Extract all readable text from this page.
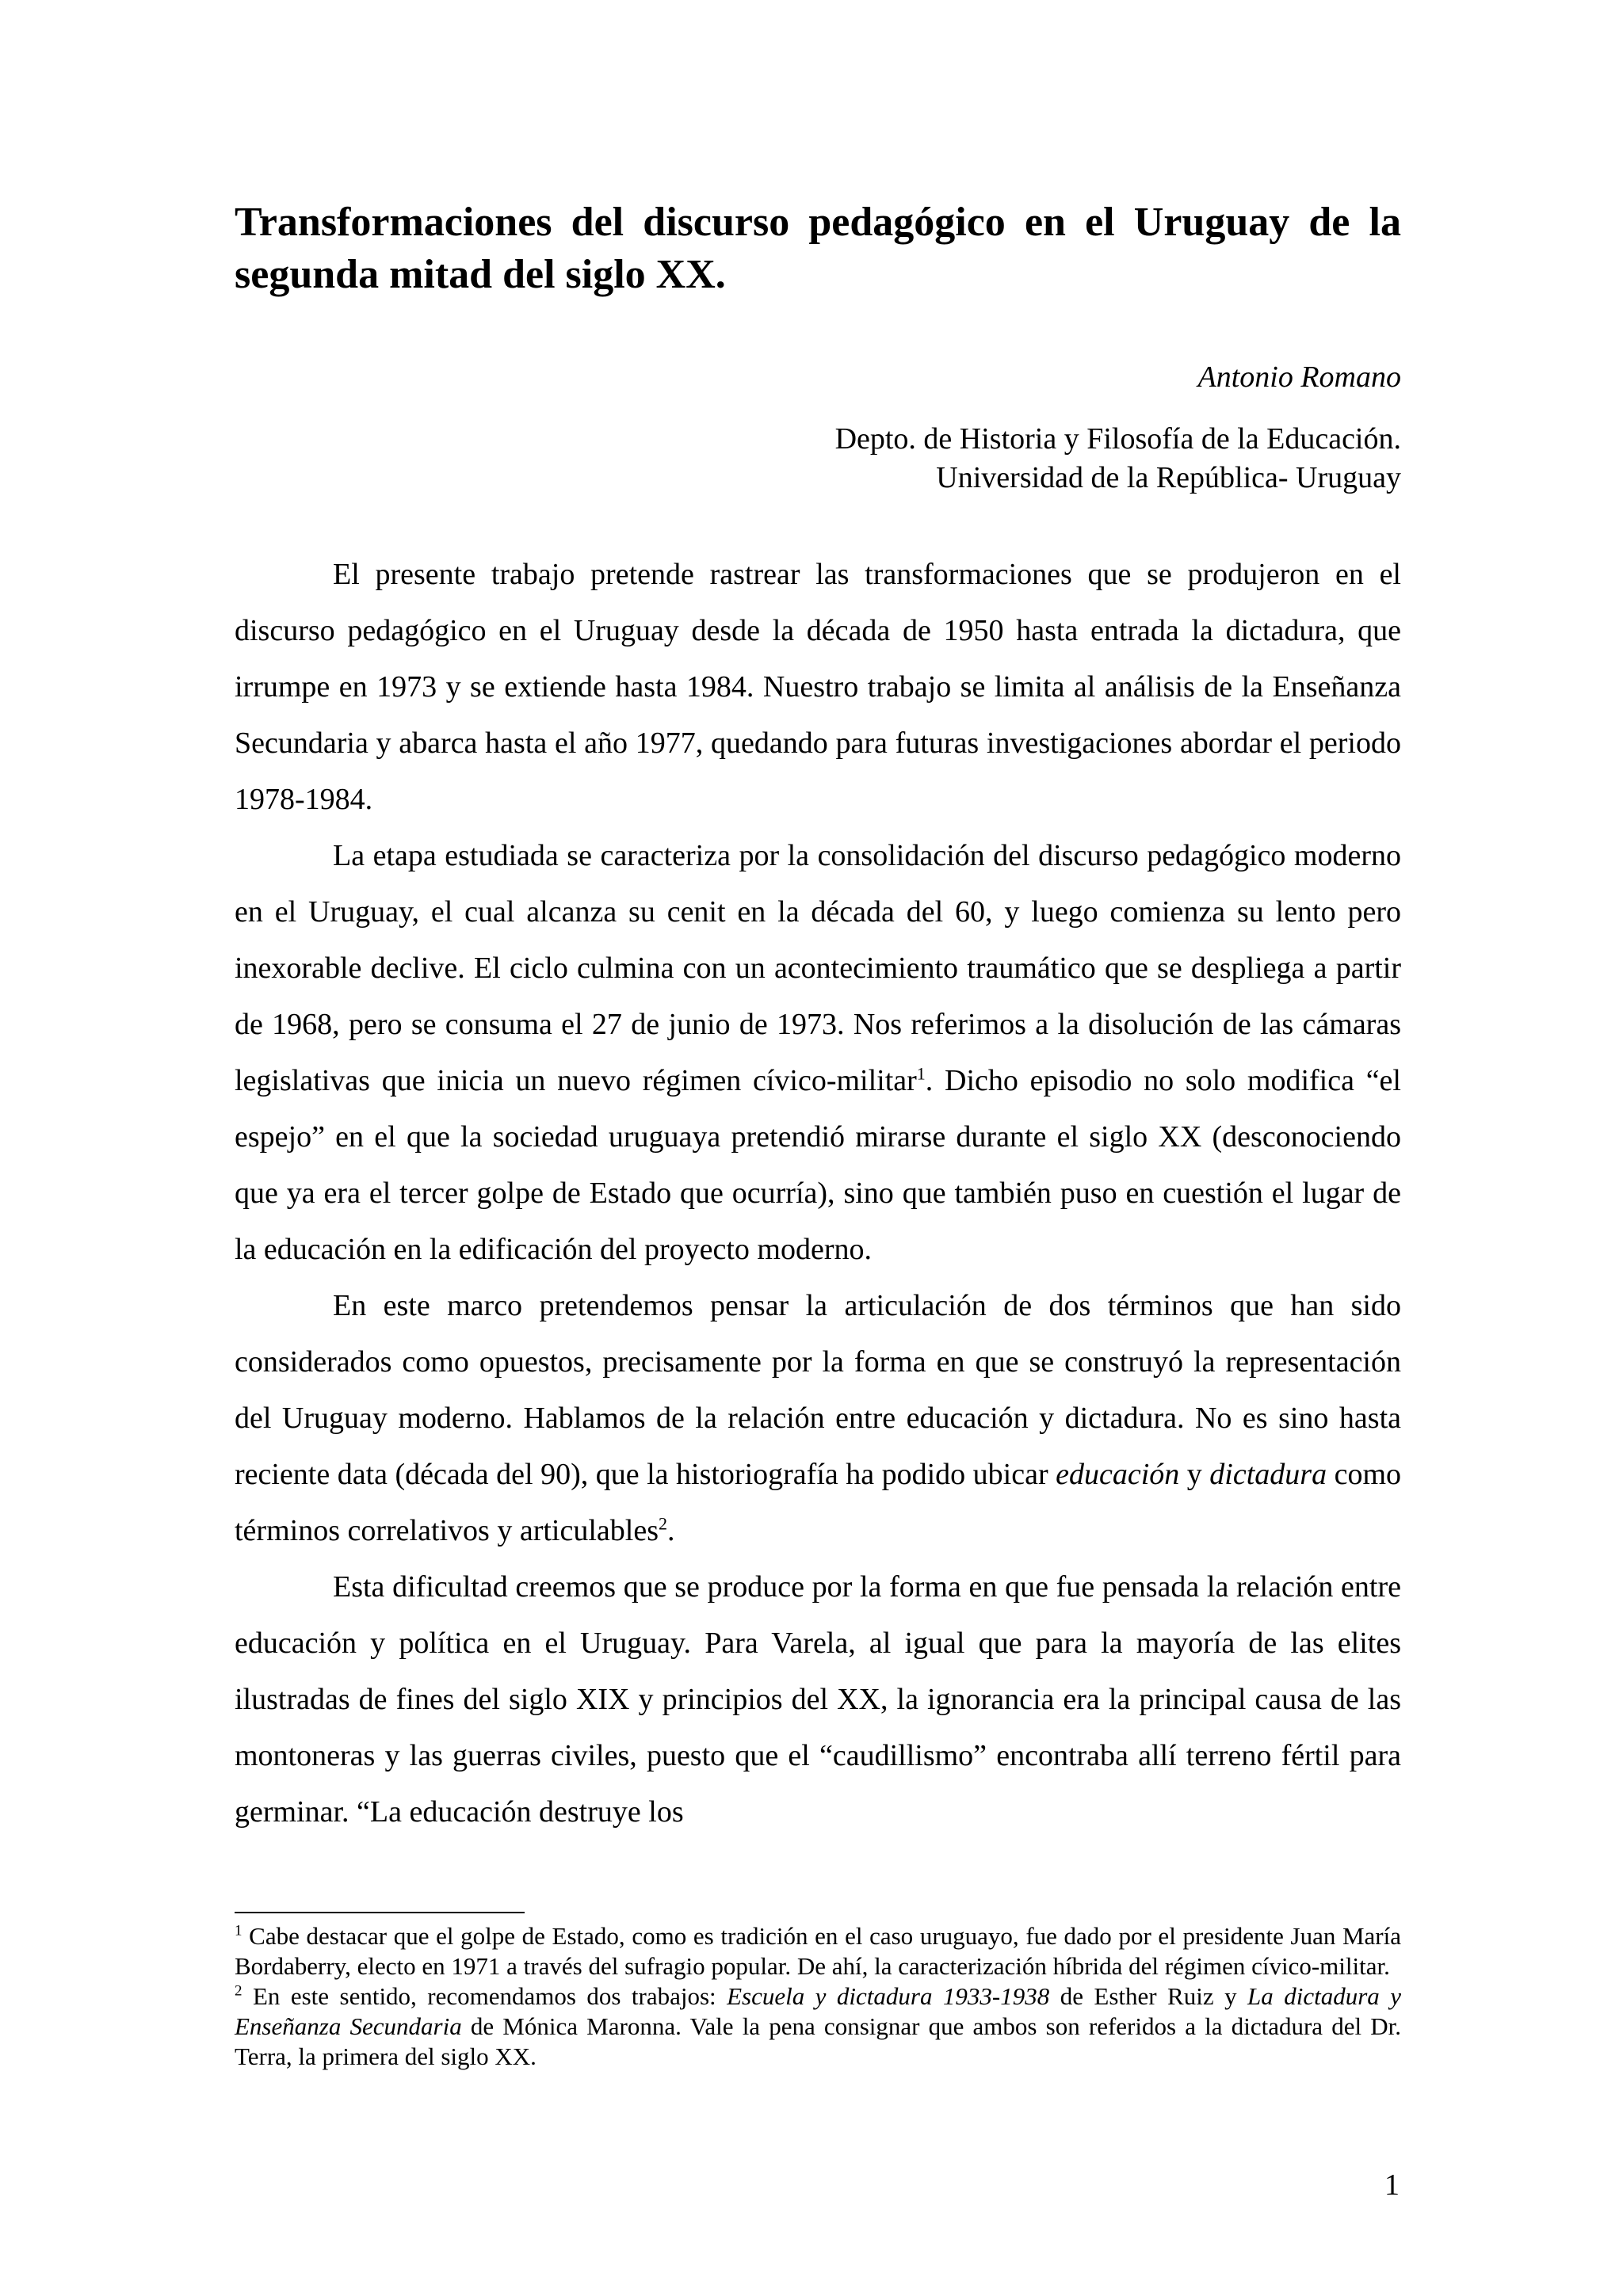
Transformaciones del discurso pedagógico en el Uruguay de la segunda mitad del siglo XX.

Antonio Romano

Depto. de Historia y Filosofía de la Educación.
Universidad de la República- Uruguay

El presente trabajo pretende rastrear las transformaciones que se produjeron en el discurso pedagógico en el Uruguay desde la década de 1950 hasta entrada la dictadura, que irrumpe en 1973 y se extiende hasta 1984. Nuestro trabajo se limita al análisis de la Enseñanza Secundaria y abarca hasta el año 1977, quedando para futuras investigaciones abordar el periodo 1978-1984.

La etapa estudiada se caracteriza por la consolidación del discurso pedagógico moderno en el Uruguay, el cual alcanza su cenit en la década del 60, y luego comienza su lento pero inexorable declive. El ciclo culmina con un acontecimiento traumático que se despliega a partir de 1968, pero se consuma el 27 de junio de 1973. Nos referimos a la disolución de las cámaras legislativas que inicia un nuevo régimen cívico-militar$^1$. Dicho episodio no solo modifica “el espejo” en el que la sociedad uruguaya pretendió mirarse durante el siglo XX (desconociendo que ya era el tercer golpe de Estado que ocurría), sino que también puso en cuestión el lugar de la educación en la edificación del proyecto moderno.

En este marco pretendemos pensar la articulación de dos términos que han sido considerados como opuestos, precisamente por la forma en que se construyó la representación del Uruguay moderno. Hablamos de la relación entre educación y dictadura. No es sino hasta reciente data (década del 90), que la historiografía ha podido ubicar educación y dictadura como términos correlativos y articulables$^2$.

Esta dificultad creemos que se produce por la forma en que fue pensada la relación entre educación y política en el Uruguay. Para Varela, al igual que para la mayoría de las elites ilustradas de fines del siglo XIX y principios del XX, la ignorancia era la principal causa de las montoneras y las guerras civiles, puesto que el “caudillismo” encontraba allí terreno fértil para germinar. “La educación destruye los

$^1$ Cabe destacar que el golpe de Estado, como es tradición en el caso uruguayo, fue dado por el presidente Juan María Bordaberry, electo en 1971 a través del sufragio popular. De ahí, la caracterización híbrida del régimen cívico-militar.

$^2$ En este sentido, recomendamos dos trabajos: Escuela y dictadura 1933-1938 de Esther Ruiz y La dictadura y Enseñanza Secundaria de Mónica Maronna. Vale la pena consignar que ambos son referidos a la dictadura del Dr. Terra, la primera del siglo XX.

1
